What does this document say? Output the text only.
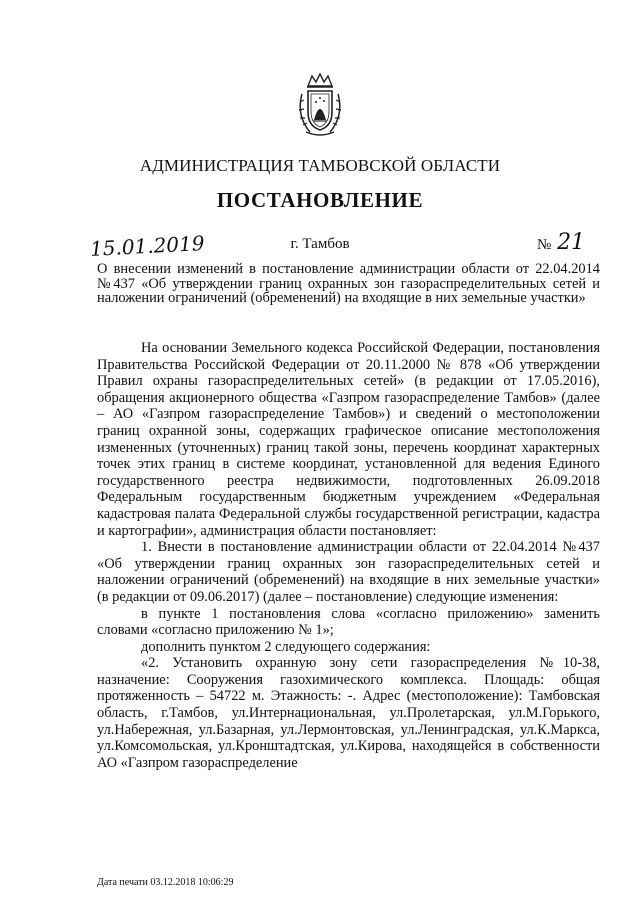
АДМИНИСТРАЦИЯ ТАМБОВСКОЙ ОБЛАСТИ
ПОСТАНОВЛЕНИЕ
15.01.2019	г. Тамбов	№ 21
О внесении изменений в постановление администрации области от 22.04.2014 №437 «Об утверждении границ охранных зон газораспределительных сетей и наложении ограничений (обременений) на входящие в них земельные участки»

На основании Земельного кодекса Российской Федерации, постановления Правительства Российской Федерации от 20.11.2000 № 878 «Об утверждении Правил охраны газораспределительных сетей» (в редакции от 17.05.2016), обращения акционерного общества «Газпром газораспределение Тамбов» (далее – АО «Газпром газораспределение Тамбов») и сведений о местоположении границ охранной зоны, содержащих графическое описание местоположения измененных (уточненных) границ такой зоны, перечень координат характерных точек этих границ в системе координат, установленной для ведения Единого государственного реестра недвижимости, подготовленных 26.09.2018 Федеральным государственным бюджетным учреждением «Федеральная кадастровая палата Федеральной службы государственной регистрации, кадастра и картографии», администрация области постановляет:

1. Внести в постановление администрации области от 22.04.2014 №437 «Об утверждении границ охранных зон газораспределительных сетей и наложении ограничений (обременений) на входящие в них земельные участки» (в редакции от 09.06.2017) (далее – постановление) следующие изменения:

в пункте 1 постановления слова «согласно приложению» заменить словами «согласно приложению № 1»;

дополнить пунктом 2 следующего содержания:

«2. Установить охранную зону сети газораспределения №10-38, назначение: Сооружения газохимического комплекса. Площадь: общая протяженность – 54722 м. Этажность: -. Адрес (местоположение): Тамбовская область, г.Тамбов, ул.Интернациональная, ул.Пролетарская, ул.М.Горького, ул.Набережная, ул.Базарная, ул.Лермонтовская, ул.Ленинградская, ул.К.Маркса, ул.Комсомольская, ул.Кронштадтская, ул.Кирова, находящейся в собственности АО «Газпром газораспределение

Дата печати 03.12.2018 10:06:29
